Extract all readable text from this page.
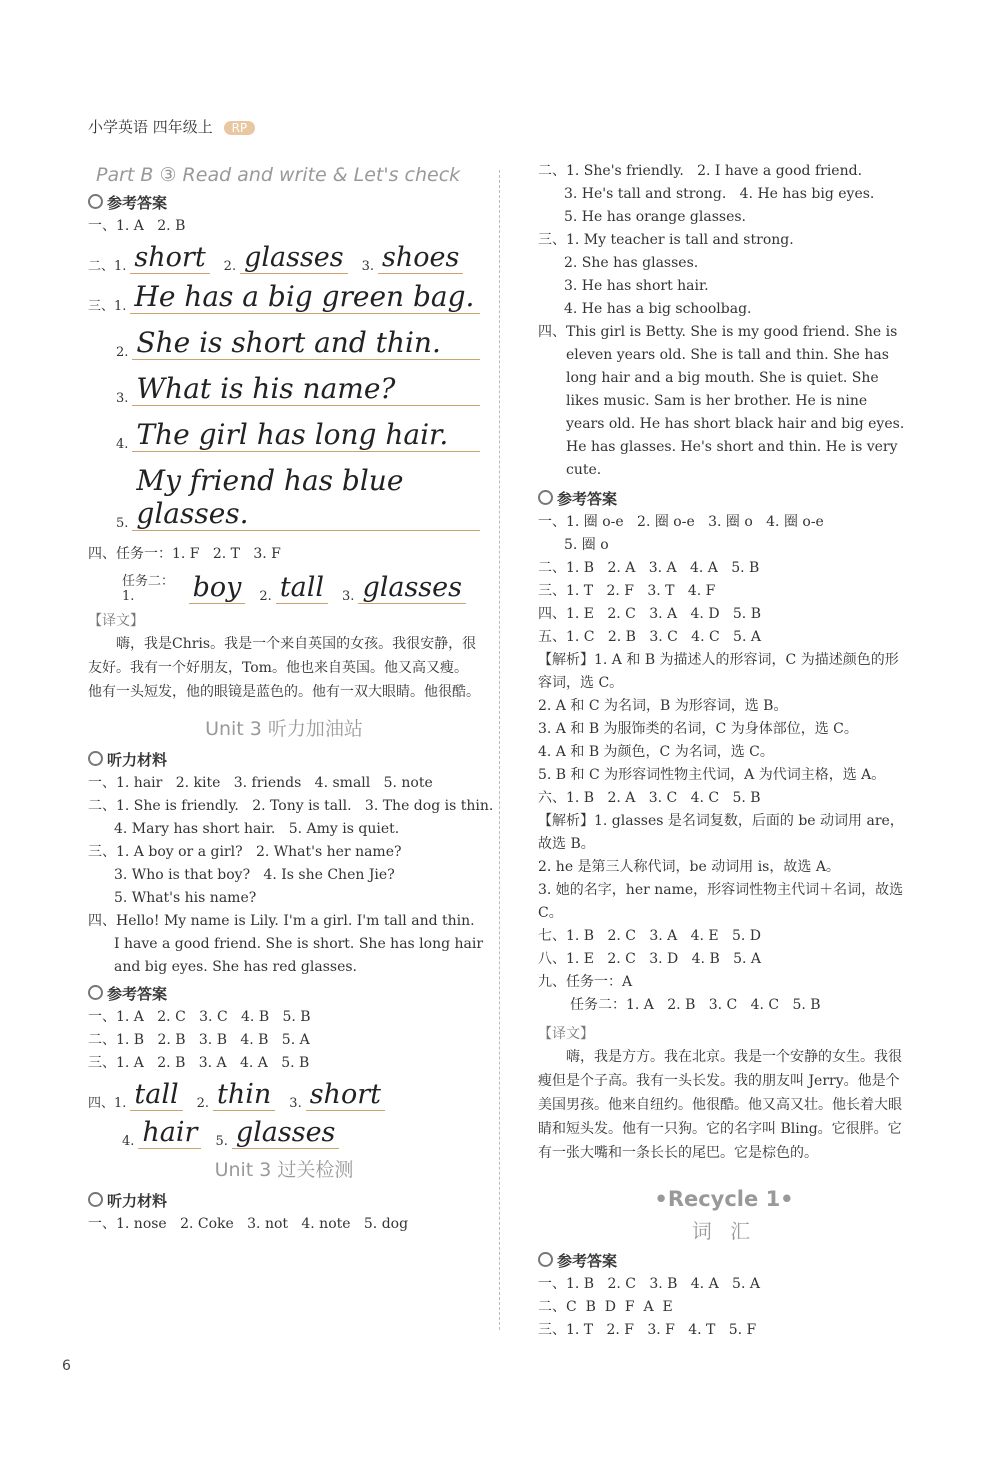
小学英语 四年级上 RP
Part B ③ Read and write & Let's check
参考答案
一、1. A   2. B
二、1. short	2. glasses	3. shoes
三、 1. He has a big green bag.
2. She is short and thin.
3. What is his name?
4. The girl has long hair.
5.
My friend has blue glasses.
四、任务一：1. F   2. T   3. F
任务二：1.	boy	2. tall	3. glasses
【译文】
嗨，我是Chris。我是一个来自英国的女孩。我很安静，很友好。我有一个好朋友，Tom。他也来自英国。他又高又瘦。他有一头短发，他的眼镜是蓝色的。他有一双大眼睛。他很酷。
Unit 3 听力加油站
听力材料
一、1. hair   2. kite   3. friends   4. small   5. note
二、1. She is friendly.   2. Tony is tall.   3. The dog is thin.
4. Mary has short hair.   5. Amy is quiet.
三、1. A boy or a girl?   2. What's her name?
3. Who is that boy?   4. Is she Chen Jie?
5. What's his name?
四、Hello! My name is Lily. I'm a girl. I'm tall and thin.
I have a good friend. She is short. She has long hair
and big eyes. She has red glasses.
参考答案
一、1. A   2. C   3. C   4. B   5. B
二、1. B   2. B   3. B   4. B   5. A
三、1. A   2. B   3. A   4. A   5. B
四、1. tall	2. thin	3. short
4. hair	5. glasses
Unit 3 过关检测
听力材料
一、1. nose   2. Coke   3. not   4. note   5. dog
二、1. She's friendly.   2. I have a good friend.
3. He's tall and strong.   4. He has big eyes.
5. He has orange glasses.
三、1. My teacher is tall and strong.
2. She has glasses.
3. He has short hair.
4. He has a big schoolbag.
四、This girl is Betty. She is my good friend. She is eleven years old. She is tall and thin. She has long hair and a big mouth. She is quiet. She likes music. Sam is her brother. He is nine years old. He has short black hair and big eyes. He has glasses. He's short and thin. He is very cute.
参考答案
一、1. 圈 o-e   2. 圈 o-e   3. 圈 o   4. 圈 o-e
5. 圈 o
二、1. B   2. A   3. A   4. A   5. B
三、1. T   2. F   3. T   4. F
四、1. E   2. C   3. A   4. D   5. B
五、1. C   2. B   3. C   4. C   5. A
【解析】1. A 和 B 为描述人的形容词，C 为描述颜色的形容词，选 C。
2. A 和 C 为名词，B 为形容词，选 B。
3. A 和 B 为服饰类的名词，C 为身体部位，选 C。
4. A 和 B 为颜色，C 为名词，选 C。
5. B 和 C 为形容词性物主代词，A 为代词主格，选 A。
六、1. B   2. A   3. C   4. C   5. B
【解析】1. glasses 是名词复数，后面的 be 动词用 are，故选 B。
2. he 是第三人称代词，be 动词用 is，故选 A。
3. 她的名字，her name，形容词性物主代词＋名词，故选 C。
七、1. B   2. C   3. A   4. E   5. D
八、1. E   2. C   3. D   4. B   5. A
九、任务一：A
任务二：1. A   2. B   3. C   4. C   5. B
【译文】
嗨，我是方方。我在北京。我是一个安静的女生。我很瘦但是个子高。我有一头长发。我的朋友叫 Jerry。他是个美国男孩。他来自纽约。他很酷。他又高又壮。他长着大眼睛和短头发。他有一只狗。它的名字叫 Bling。它很胖。它有一张大嘴和一条长长的尾巴。它是棕色的。
•Recycle 1•
词 汇
参考答案
一、1. B   2. C   3. B   4. A   5. A
二、C  B  D  F  A  E
三、1. T   2. F   3. F   4. T   5. F
6
